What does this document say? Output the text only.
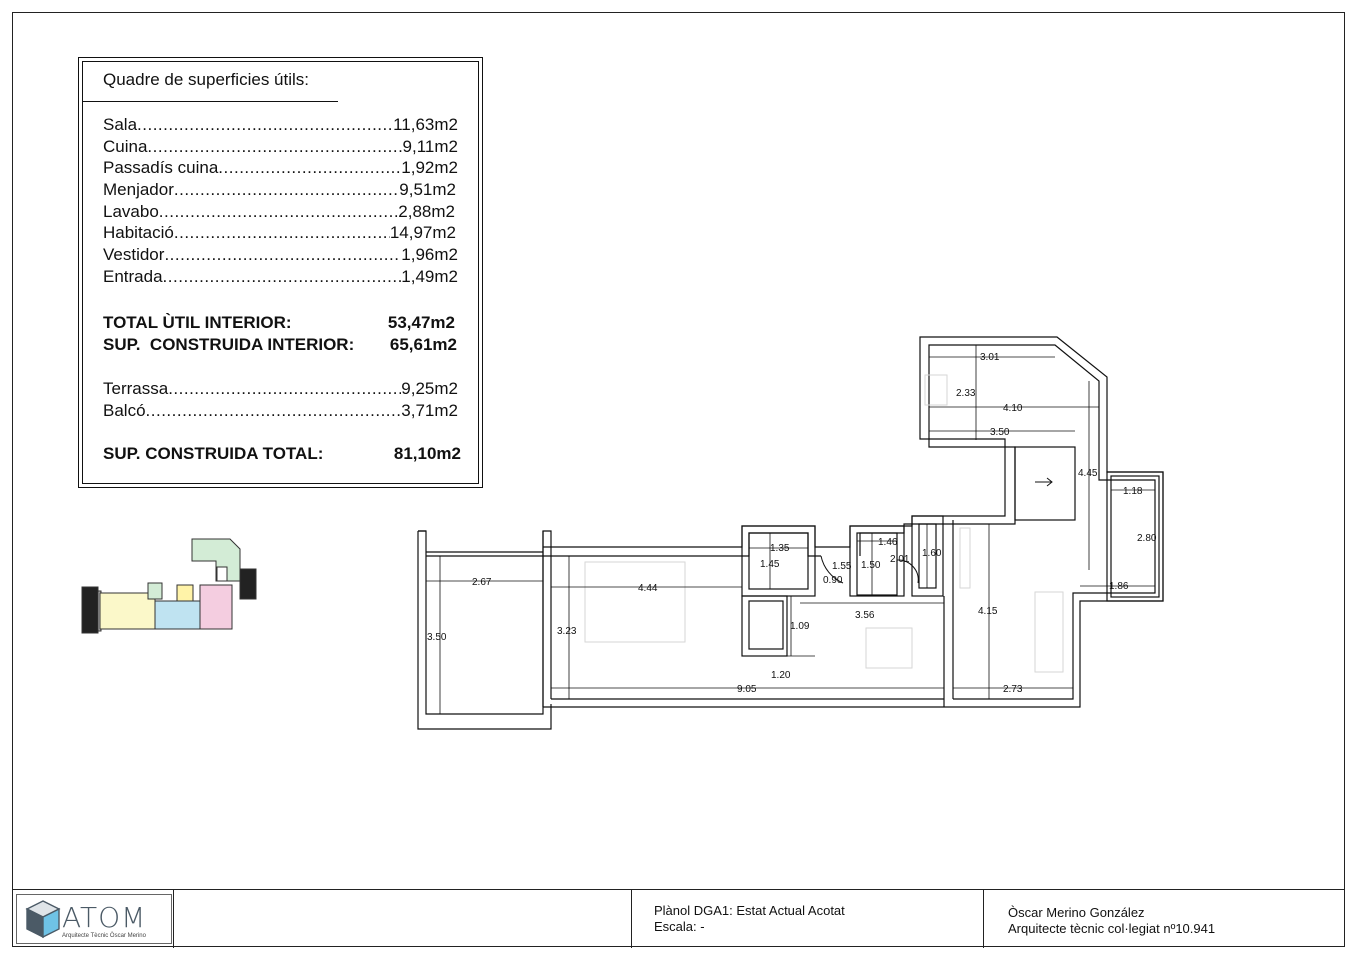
Quadre de superficies útils:
Sala .....	11,63m2
Cuina .....	9,11m2
Passadís cuina .....	1,92m2
Menjador .....	9,51m2
Lavabo .....	2,88m2
Habitació .....	14,97m2
Vestidor .....	1,96m2
Entrada .....	1,49m2
TOTAL ÙTIL INTERIOR:	53,47m2
SUP.  CONSTRUIDA INTERIOR: 65,61m2
Terrassa .....	9,25m2
Balcó .....	3,71m2
SUP. CONSTRUIDA TOTAL:	81,10m2
3.01
2.33
4.10
3.50
4.45
1.18
2.80
1.86
1.35
1.45
1.46
1.55
0.90
1.50
2.01
1.60
2.67
4.44
3.50
3.23	1.09
3.56	4.15
1.20
9.05	2.73
ATOM
Arquitecte Tècnic Òscar Merino
Plànol DGA1: Estat Actual Acotat
Escala: -
Òscar Merino González
Arquitecte tècnic col·legiat nº10.941
